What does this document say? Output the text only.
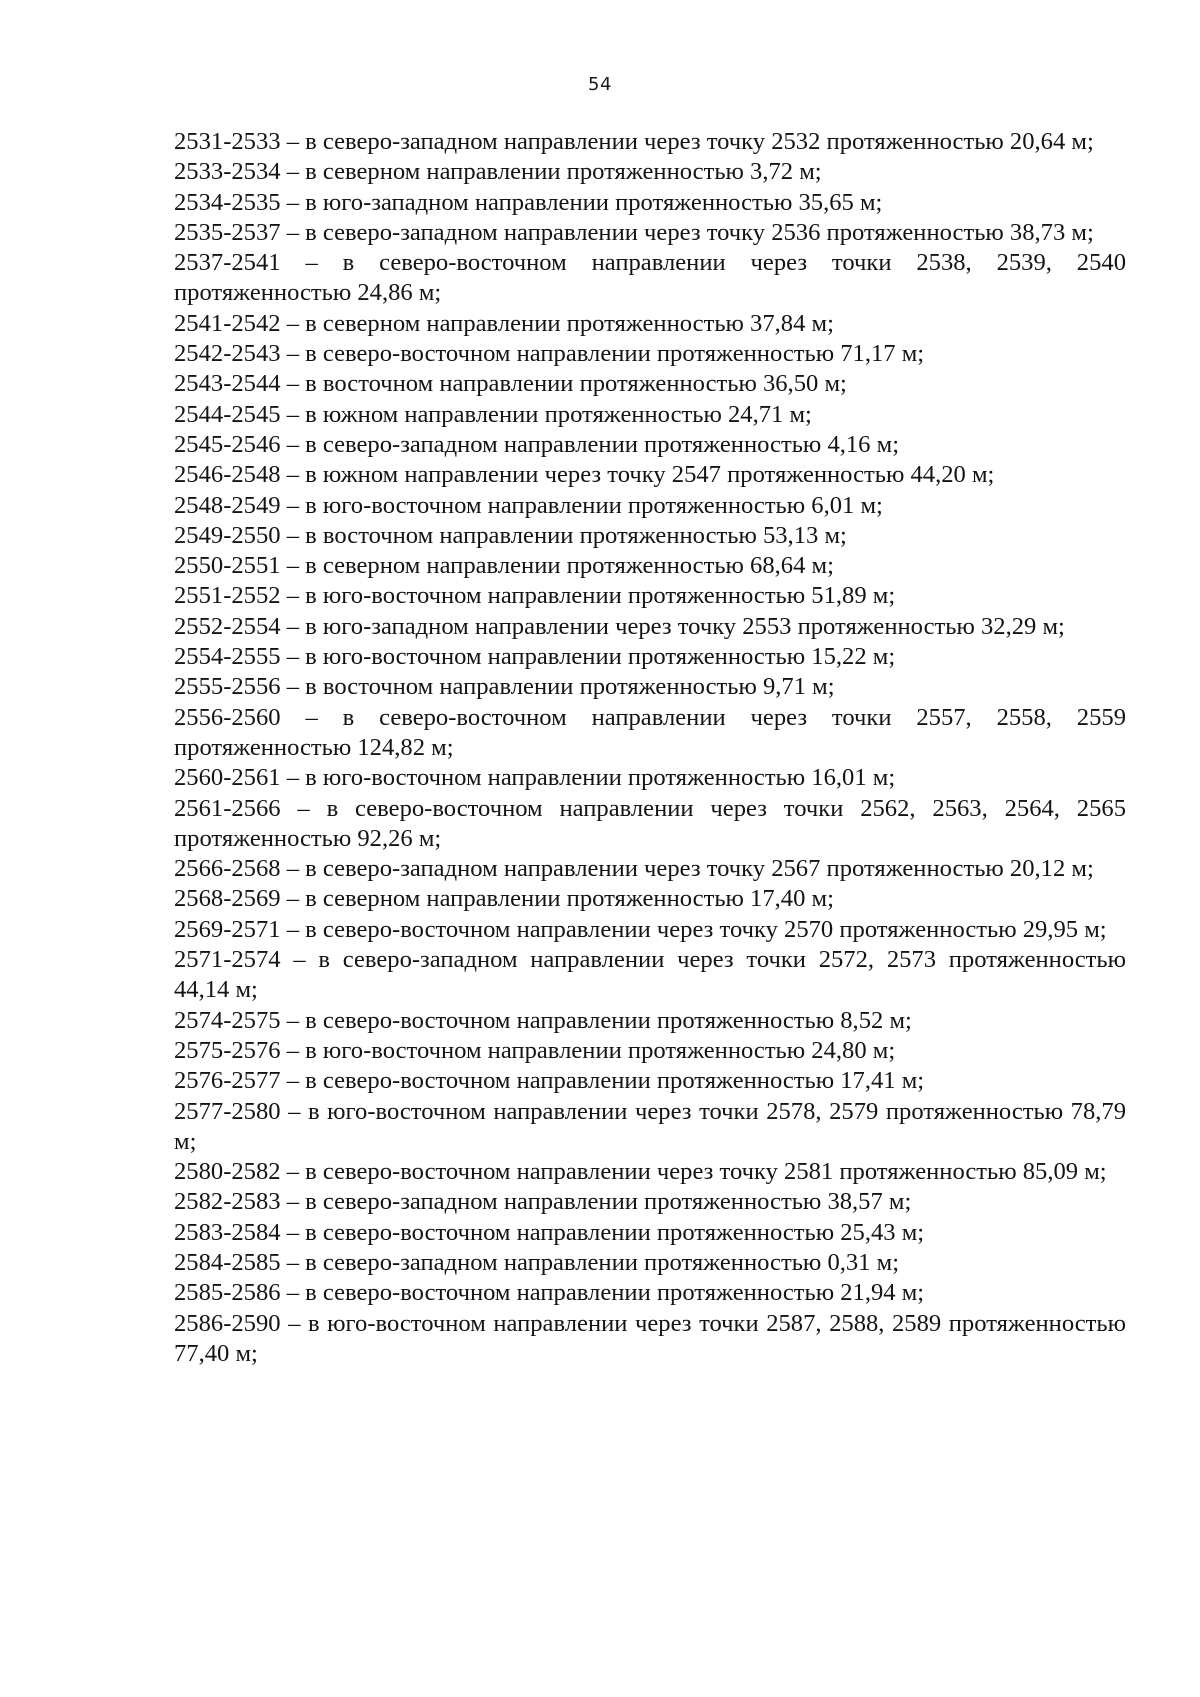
54

2531-2533 – в северо-западном направлении через точку 2532 протяженностью 20,64 м;

2533-2534 – в северном направлении протяженностью 3,72 м;

2534-2535 – в юго-западном направлении протяженностью 35,65 м;

2535-2537 – в северо-западном направлении через точку 2536 протяженностью 38,73 м;

2537-2541 – в северо-восточном направлении через точки 2538, 2539, 2540 протяженностью 24,86 м;

2541-2542 – в северном направлении протяженностью 37,84 м;

2542-2543 – в северо-восточном направлении протяженностью 71,17 м;

2543-2544 – в восточном направлении протяженностью 36,50 м;

2544-2545 – в южном направлении протяженностью 24,71 м;

2545-2546 – в северо-западном направлении протяженностью 4,16 м;

2546-2548 – в южном направлении через точку 2547 протяженностью 44,20 м;

2548-2549 – в юго-восточном направлении протяженностью 6,01 м;

2549-2550 – в восточном направлении протяженностью 53,13 м;

2550-2551 – в северном направлении протяженностью 68,64 м;

2551-2552 – в юго-восточном направлении протяженностью 51,89 м;

2552-2554 – в юго-западном направлении через точку 2553 протяженностью 32,29 м;

2554-2555 – в юго-восточном направлении протяженностью 15,22 м;

2555-2556 – в восточном направлении протяженностью 9,71 м;

2556-2560 – в северо-восточном направлении через точки 2557, 2558, 2559 протяженностью 124,82 м;

2560-2561 – в юго-восточном направлении протяженностью 16,01 м;

2561-2566 – в северо-восточном направлении через точки 2562, 2563, 2564, 2565 протяженностью 92,26 м;

2566-2568 – в северо-западном направлении через точку 2567 протяженностью 20,12 м;

2568-2569 – в северном направлении протяженностью 17,40 м;

2569-2571 – в северо-восточном направлении через точку 2570 протяженностью 29,95 м;

2571-2574 – в северо-западном направлении через точки 2572, 2573 протяженностью 44,14 м;

2574-2575 – в северо-восточном направлении протяженностью 8,52 м;

2575-2576 – в юго-восточном направлении протяженностью 24,80 м;

2576-2577 – в северо-восточном направлении протяженностью 17,41 м;

2577-2580 – в юго-восточном направлении через точки 2578, 2579 протяженностью 78,79 м;

2580-2582 – в северо-восточном направлении через точку 2581 протяженностью 85,09 м;

2582-2583 – в северо-западном направлении протяженностью 38,57 м;

2583-2584 – в северо-восточном направлении протяженностью 25,43 м;

2584-2585 – в северо-западном направлении протяженностью 0,31 м;

2585-2586 – в северо-восточном направлении протяженностью 21,94 м;

2586-2590 – в юго-восточном направлении через точки 2587, 2588, 2589 протяженностью 77,40 м;
